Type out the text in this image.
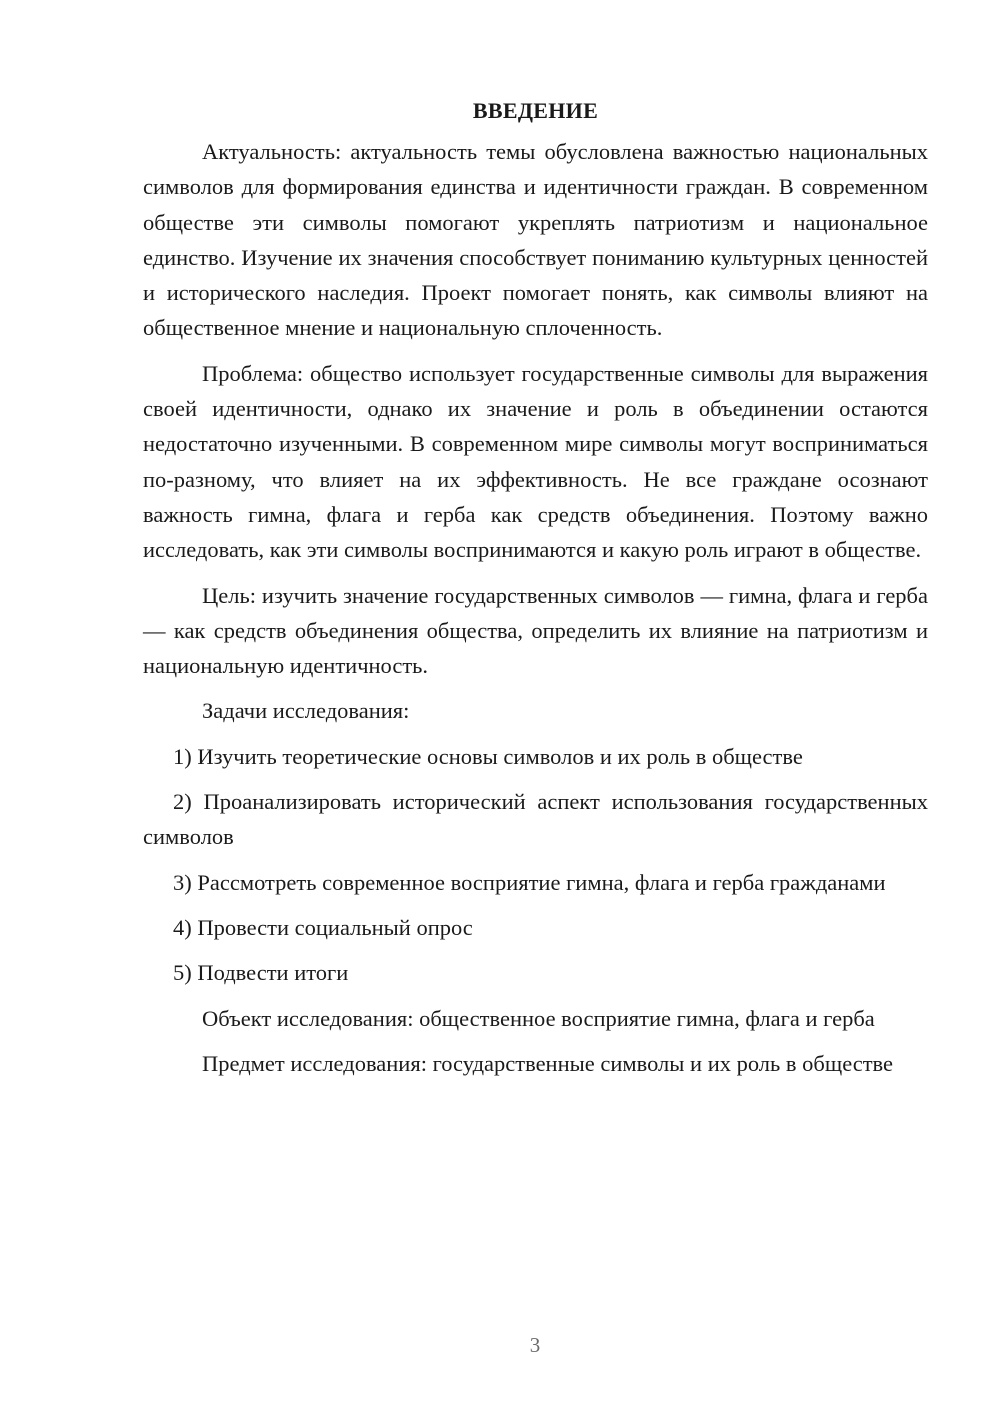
ВВЕДЕНИЕ

Актуальность: актуальность темы обусловлена важностью национальных символов для формирования единства и идентичности граждан. В современном обществе эти символы помогают укреплять патриотизм и национальное единство. Изучение их значения способствует пониманию культурных ценностей и исторического наследия. Проект помогает понять, как символы влияют на общественное мнение и национальную сплоченность.

Проблема: общество использует государственные символы для выражения своей идентичности, однако их значение и роль в объединении остаются недостаточно изученными. В современном мире символы могут восприниматься по-разному, что влияет на их эффективность. Не все граждане осознают важность гимна, флага и герба как средств объединения. Поэтому важно исследовать, как эти символы воспринимаются и какую роль играют в обществе.

Цель: изучить значение государственных символов — гимна, флага и герба — как средств объединения общества, определить их влияние на патриотизм и национальную идентичность.

Задачи исследования:

1) Изучить теоретические основы символов и их роль в обществе

2) Проанализировать исторический аспект использования государственных символов

3) Рассмотреть современное восприятие гимна, флага и герба гражданами

4) Провести социальный опрос

5) Подвести итоги

Объект исследования: общественное восприятие гимна, флага и герба

Предмет исследования: государственные символы и их роль в обществе

3
